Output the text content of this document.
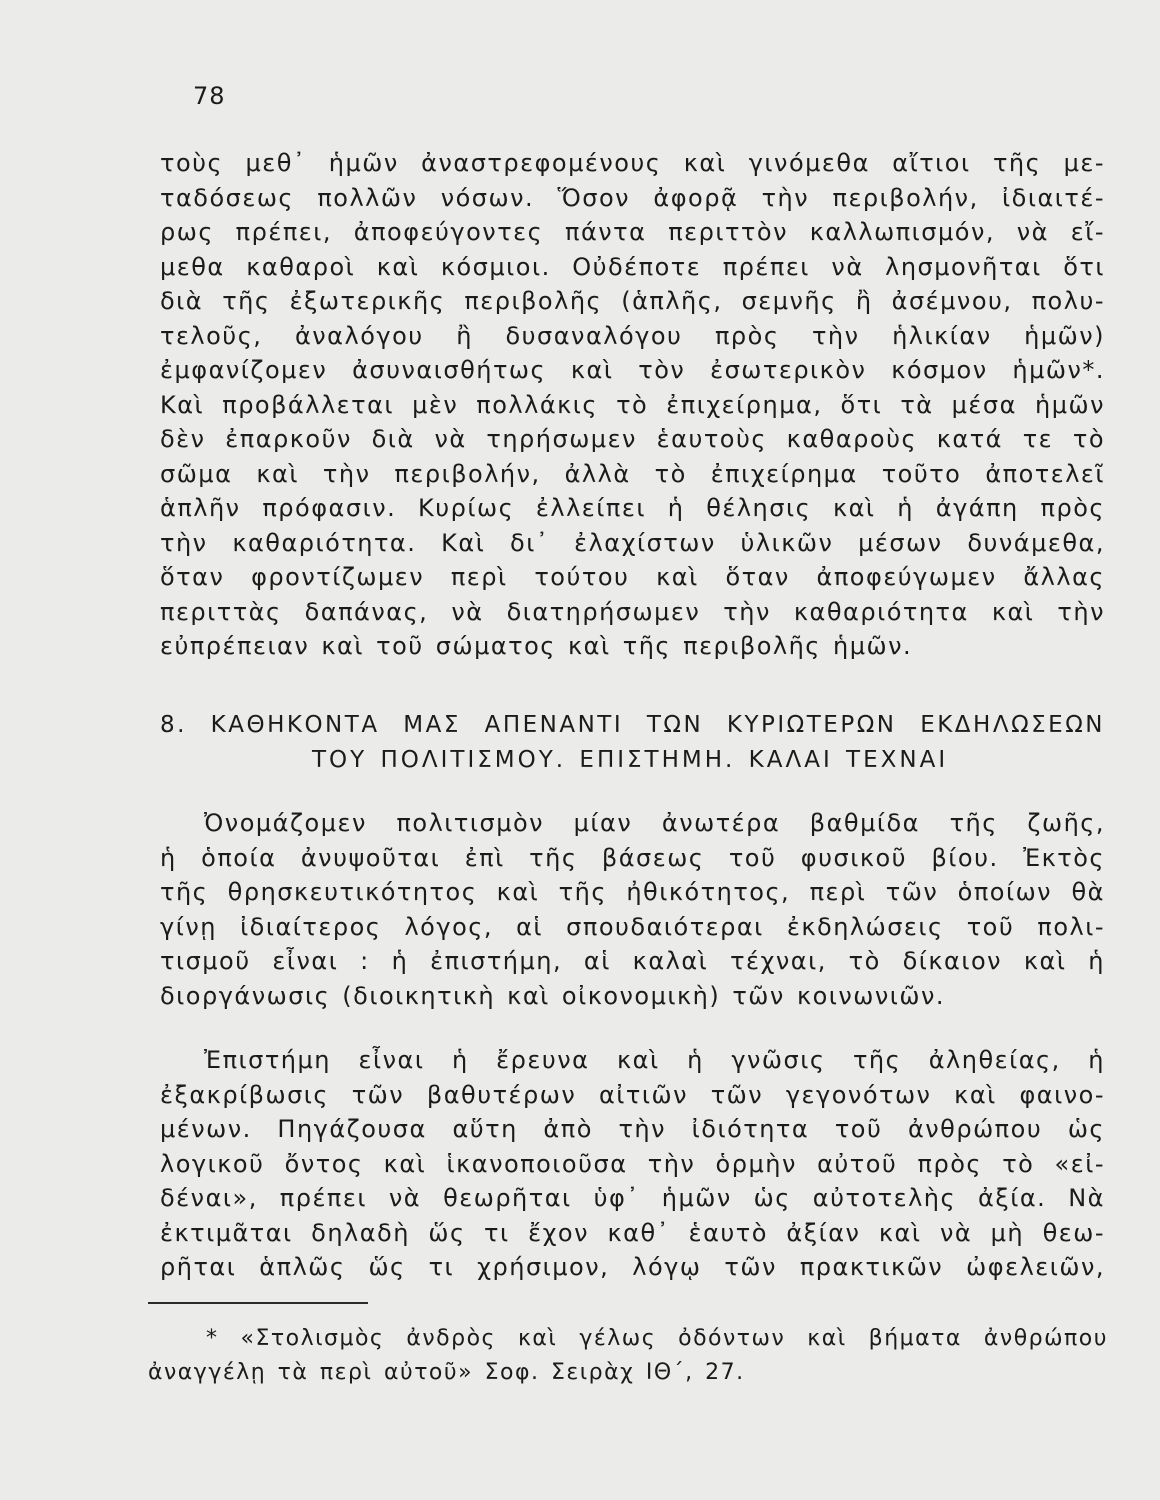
78
τοὺς μεθ᾽ ἡμῶν ἀναστρεφομένους καὶ γινόμεθα αἴτιοι τῆς με-
ταδόσεως πολλῶν νόσων. Ὅσον ἀφορᾷ τὴν περιβολήν, ἰδιαιτέ-
ρως πρέπει, ἀποφεύγοντες πάντα περιττὸν καλλωπισμόν, νὰ εἴ-
μεθα καθαροὶ καὶ κόσμιοι. Οὐδέποτε πρέπει νὰ λησμονῆται ὅτι
διὰ τῆς ἐξωτερικῆς περιβολῆς (ἁπλῆς, σεμνῆς ἢ ἀσέμνου, πολυ-
τελοῦς, ἀναλόγου ἢ δυσαναλόγου πρὸς τὴν ἡλικίαν ἡμῶν)
ἐμφανίζομεν ἀσυναισθήτως καὶ τὸν ἐσωτερικὸν κόσμον ἡμῶν*.
Καὶ προβάλλεται μὲν πολλάκις τὸ ἐπιχείρημα, ὅτι τὰ μέσα ἡμῶν
δὲν ἐπαρκοῦν διὰ νὰ τηρήσωμεν ἑαυτοὺς καθαροὺς κατά τε τὸ
σῶμα καὶ τὴν περιβολήν, ἀλλὰ τὸ ἐπιχείρημα τοῦτο ἀποτελεῖ
ἁπλῆν πρόφασιν. Κυρίως ἐλλείπει ἡ θέλησις καὶ ἡ ἀγάπη πρὸς
τὴν καθαριότητα. Καὶ δι᾽ ἐλαχίστων ὑλικῶν μέσων δυνάμεθα,
ὅταν φροντίζωμεν περὶ τούτου καὶ ὅταν ἀποφεύγωμεν ἄλλας
περιττὰς δαπάνας, νὰ διατηρήσωμεν τὴν καθαριότητα καὶ τὴν
εὐπρέπειαν καὶ τοῦ σώματος καὶ τῆς περιβολῆς ἡμῶν.
8. ΚΑΘΗΚΟΝΤΑ ΜΑΣ ΑΠΕΝΑΝΤΙ ΤΩΝ ΚΥΡΙΩΤΕΡΩΝ ΕΚΔΗΛΩΣΕΩΝ
ΤΟΥ ΠΟΛΙΤΙΣΜΟΥ. ΕΠΙΣΤΗΜΗ. ΚΑΛΑΙ ΤΕΧΝΑΙ
Ὀνομάζομεν πολιτισμὸν μίαν ἀνωτέρα βαθμίδα τῆς ζωῆς,
ἡ ὁποία ἀνυψοῦται ἐπὶ τῆς βάσεως τοῦ φυσικοῦ βίου. Ἐκτὸς
τῆς θρησκευτικότητος καὶ τῆς ἠθικότητος, περὶ τῶν ὁποίων θὰ
γίνῃ ἰδιαίτερος λόγος, αἱ σπουδαιότεραι ἐκδηλώσεις τοῦ πολι-
τισμοῦ εἶναι : ἡ ἐπιστήμη, αἱ καλαὶ τέχναι, τὸ δίκαιον καὶ ἡ
διοργάνωσις (διοικητικὴ καὶ οἰκονομικὴ) τῶν κοινωνιῶν.
Ἐπιστήμη εἶναι ἡ ἔρευνα καὶ ἡ γνῶσις τῆς ἀληθείας, ἡ
ἐξακρίβωσις τῶν βαθυτέρων αἰτιῶν τῶν γεγονότων καὶ φαινο-
μένων. Πηγάζουσα αὕτη ἀπὸ τὴν ἰδιότητα τοῦ ἀνθρώπου ὡς
λογικοῦ ὄντος καὶ ἱκανοποιοῦσα τὴν ὁρμὴν αὐτοῦ πρὸς τὸ «εἰ-
δέναι», πρέπει νὰ θεωρῆται ὑφ᾽ ἡμῶν ὡς αὐτοτελὴς ἀξία. Νὰ
ἐκτιμᾶται δηλαδὴ ὥς τι ἔχον καθ᾽ ἑαυτὸ ἀξίαν καὶ νὰ μὴ θεω-
ρῆται ἁπλῶς ὥς τι χρήσιμον, λόγῳ τῶν πρακτικῶν ὠφελειῶν,
* «Στολισμὸς ἀνδρὸς καὶ γέλως ὀδόντων καὶ βήματα ἀνθρώπου
ἀναγγέλῃ τὰ περὶ αὐτοῦ» Σοφ. Σειρὰχ ΙΘ΄, 27.
